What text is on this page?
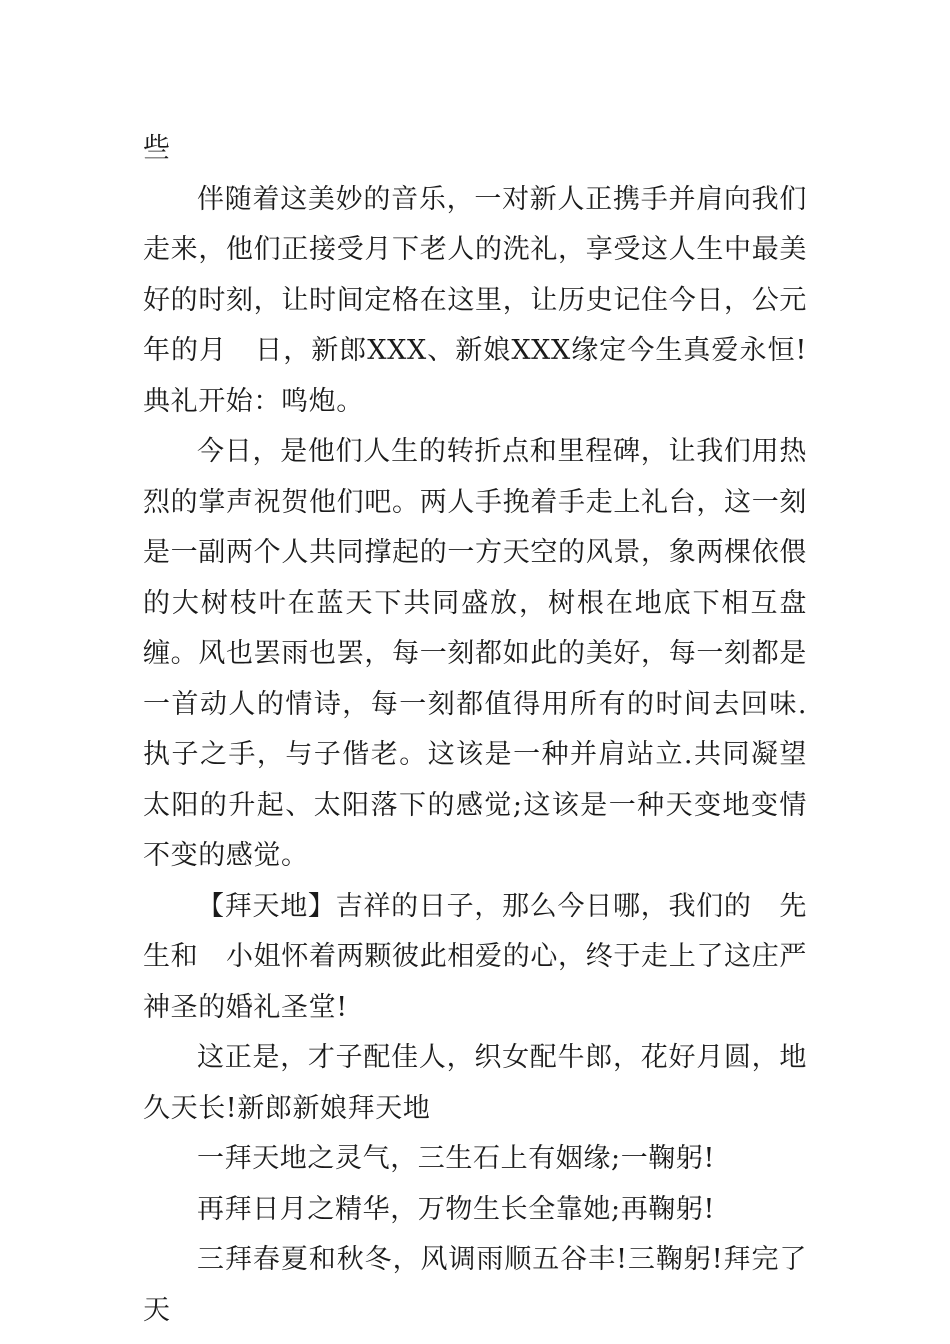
些

伴随着这美妙的音乐，一对新人正携手并肩向我们走来，他们正接受月下老人的洗礼，享受这人生中最美好的时刻，让时间定格在这里，让历史记住今日，公元　年的月　日，新郎XXX、新娘XXX缘定今生真爱永恒!典礼开始：鸣炮。

今日，是他们人生的转折点和里程碑，让我们用热烈的掌声祝贺他们吧。两人手挽着手走上礼台，这一刻是一副两个人共同撑起的一方天空的风景，象两棵依偎的大树枝叶在蓝天下共同盛放，树根在地底下相互盘缠。风也罢雨也罢，每一刻都如此的美好，每一刻都是一首动人的情诗，每一刻都值得用所有的时间去回味.执子之手，与子偕老。这该是一种并肩站立.共同凝望太阳的升起、太阳落下的感觉;这该是一种天变地变情不变的感觉。

【拜天地】吉祥的日子，那么今日哪，我们的　先生和　小姐怀着两颗彼此相爱的心，终于走上了这庄严神圣的婚礼圣堂!

这正是，才子配佳人，织女配牛郎，花好月圆，地久天长!新郎新娘拜天地

一拜天地之灵气，三生石上有姻缘;一鞠躬!

再拜日月之精华，万物生长全靠她;再鞠躬!

三拜春夏和秋冬，风调雨顺五谷丰!三鞠躬!拜完了天
